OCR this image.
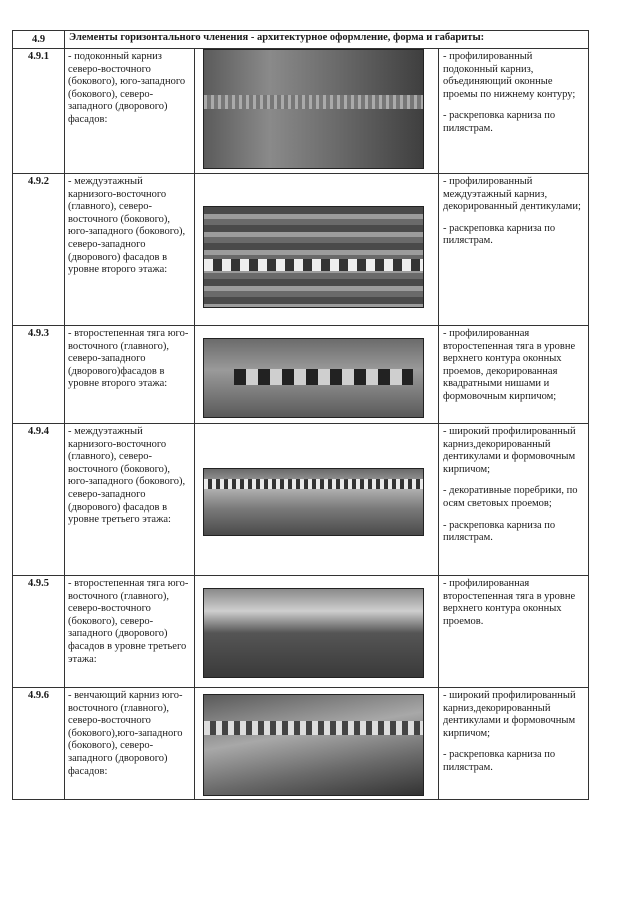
4.9	Элементы горизонтального членения - архитектурное оформление, форма и габариты:		
4.9.1	- подоконный карниз северо-восточного (бокового), юго-западного (бокового), северо-западного (дворового) фасадов:		- профилированный подоконный карниз, объединяющий оконные проемы по нижнему контуру;
- раскреповка карниза по пилястрам.

4.9.2	- междуэтажный карнизого-восточного (главного), северо-восточного (бокового), юго-западного (бокового), северо-западного (дворового) фасадов в уровне второго этажа:		- профилированный междуэтажный карниз, декорированный дентикулами;
- раскреповка карниза по пилястрам.

4.9.3	- второстепенная тяга юго-восточного (главного), северо-западного (дворового)фасадов в уровне второго этажа:		- профилированная второстепенная тяга в уровне верхнего контура оконных проемов, декорированная квадратными нишами и формовочным кирпичом;

4.9.4	- междуэтажный карнизого-восточного (главного), северо- восточного (бокового), юго-западного (бокового), северо-западного (дворового) фасадов в уровне третьего этажа:		- широкий профилированный карниз,декорированный дентикулами и формовочным кирпичом;
- декоративные поребрики, по осям световых проемов;
- раскреповка карниза по пилястрам.

4.9.5	- второстепенная тяга юго-восточного (главного), северо-восточного (бокового), северо-западного (дворового) фасадов в уровне третьего этажа:		- профилированная второстепенная тяга в уровне верхнего контура оконных проемов.

4.9.6	- венчающий карниз юго-восточного (главного), северо-восточного (бокового),юго-западного (бокового), северо- западного (дворового) фасадов:		- широкий профилированный карниз,декорированный дентикулами и формовочным кирпичом;
- раскреповка карниза по пилястрам.
